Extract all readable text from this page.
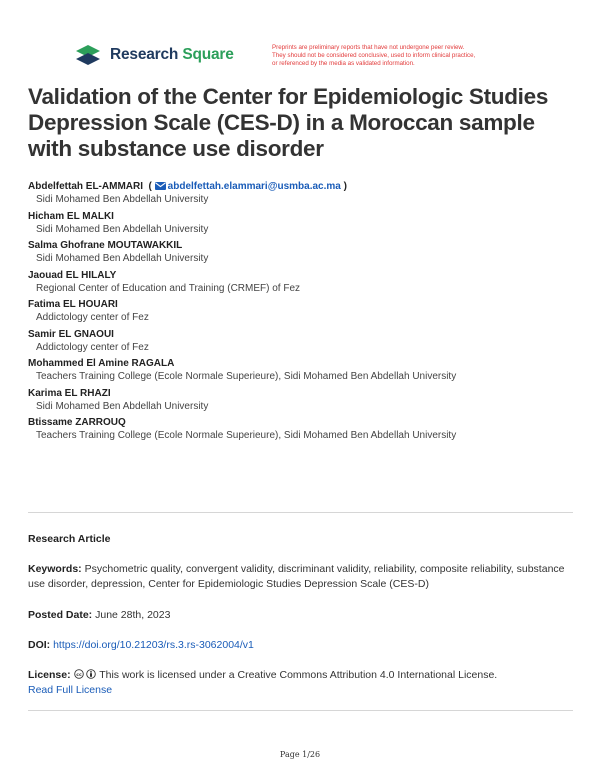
Research Square	Preprints are preliminary reports that have not undergone peer review.
They should not be considered conclusive, used to inform clinical practice,
or referenced by the media as validated information.
Validation of the Center for Epidemiologic Studies Depression Scale (CES-D) in a Moroccan sample with substance use disorder
Abdelfettah EL-AMMARI  ( abdelfettah.elammari@usmba.ac.ma )
Sidi Mohamed Ben Abdellah University
Hicham EL MALKI
Sidi Mohamed Ben Abdellah University
Salma Ghofrane MOUTAWAKKIL
Sidi Mohamed Ben Abdellah University
Jaouad EL HILALY
Regional Center of Education and Training (CRMEF) of Fez
Fatima EL HOUARI
Addictology center of Fez
Samir EL GNAOUI
Addictology center of Fez
Mohammed El Amine RAGALA
Teachers Training College (Ecole Normale Superieure), Sidi Mohamed Ben Abdellah University
Karima EL RHAZI
Sidi Mohamed Ben Abdellah University
Btissame ZARROUQ
Teachers Training College (Ecole Normale Superieure), Sidi Mohamed Ben Abdellah University
Research Article
Keywords: Psychometric quality, convergent validity, discriminant validity, reliability, composite reliability, substance use disorder, depression, Center for Epidemiologic Studies Depression Scale (CES-D)
Posted Date: June 28th, 2023
DOI: https://doi.org/10.21203/rs.3.rs-3062004/v1
License: cc This work is licensed under a Creative Commons Attribution 4.0 International License.
Read Full License
Page 1/26
